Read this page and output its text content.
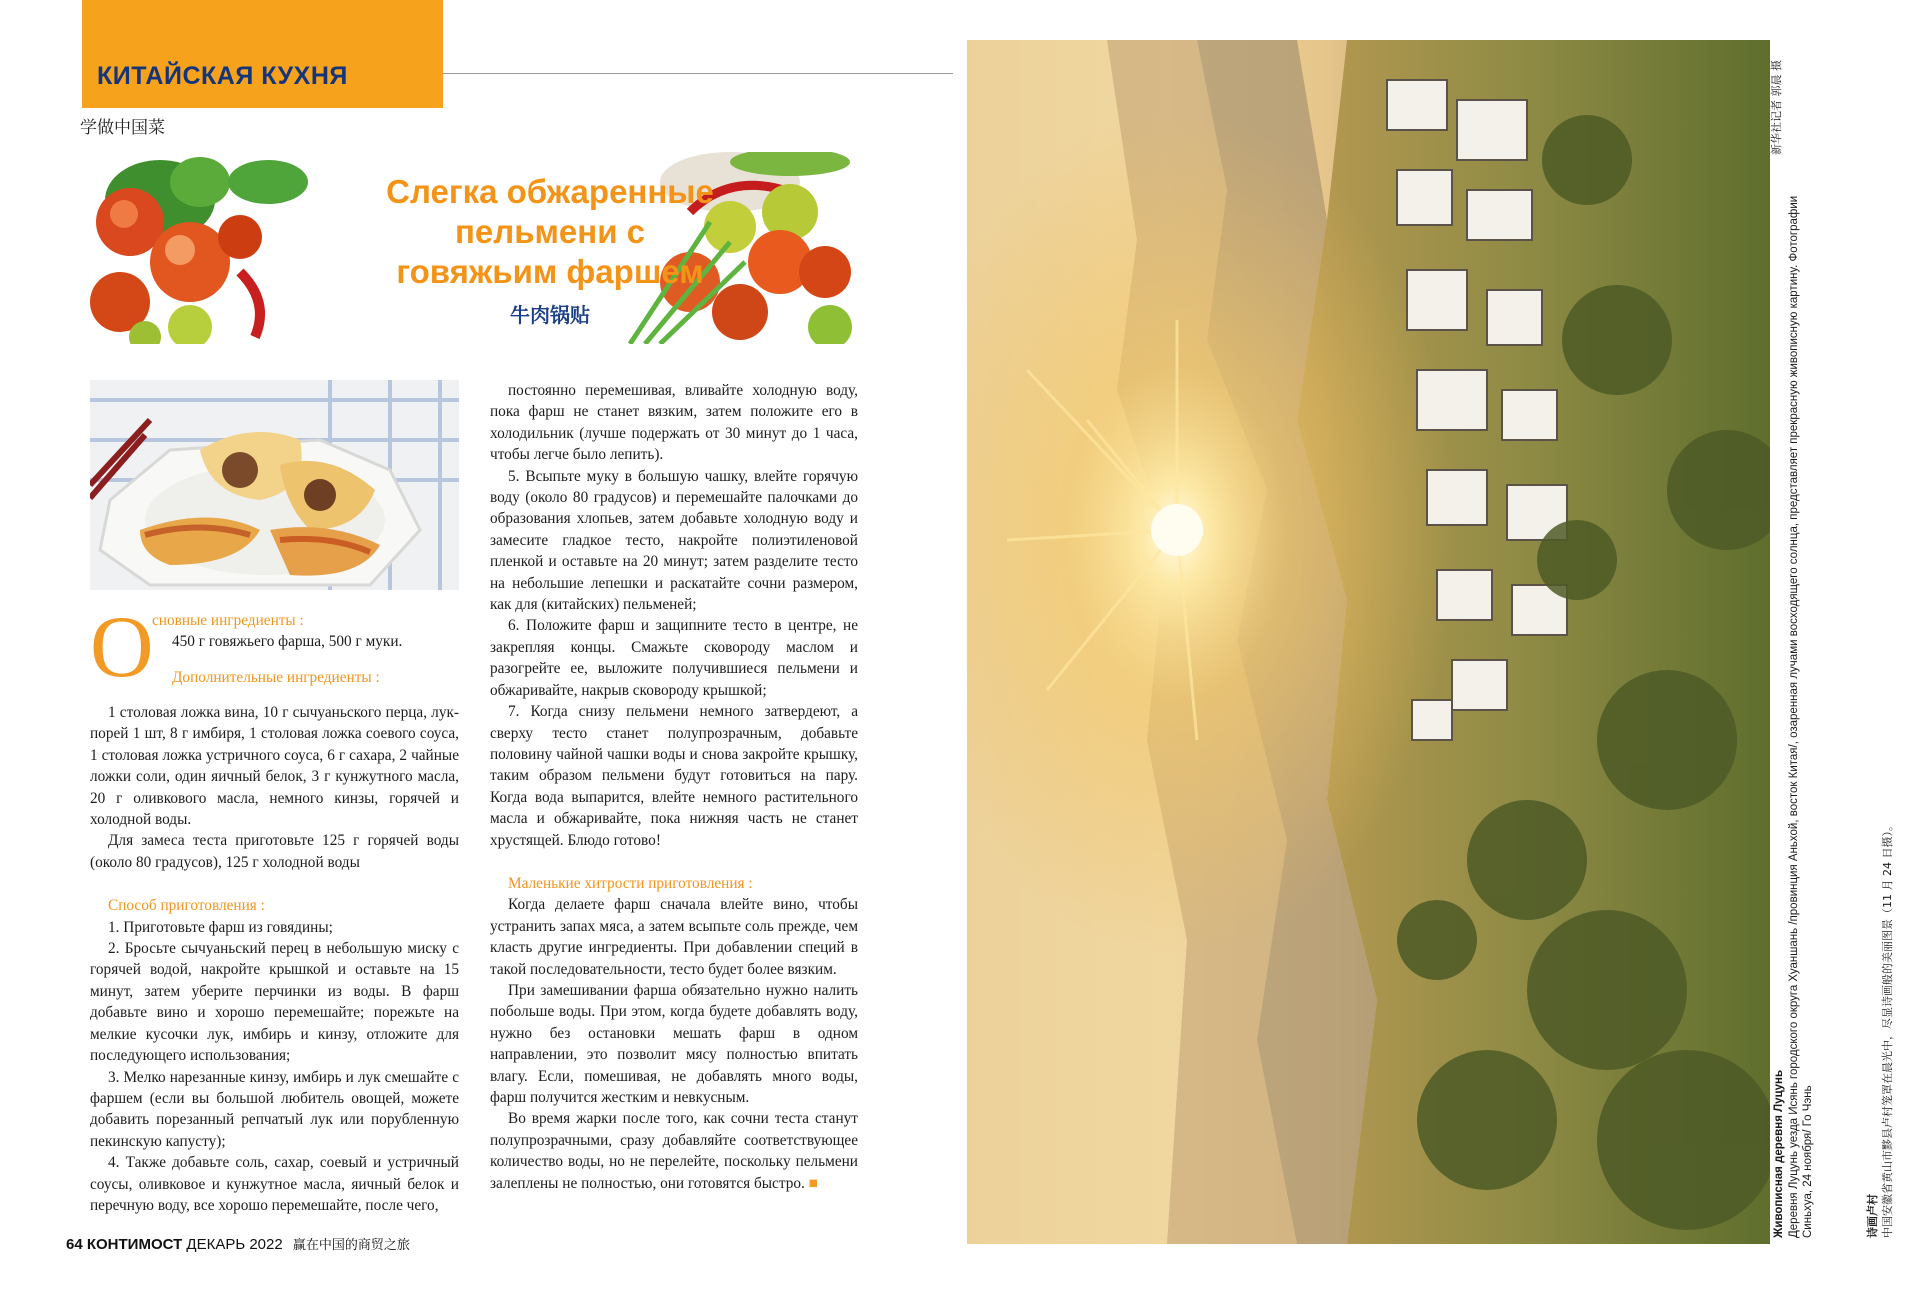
КИТАЙСКАЯ КУХНЯ
学做中国菜
Слегка обжаренные
пельмени с
говяжьим фаршем
牛肉锅贴
О
сновные ингредиенты :
450 г говяжьего фарша, 500 г муки.
Дополнительные ингредиенты :

1 столовая ложка вина, 10 г сычуаньского перца, лук-порей 1 шт, 8 г имбиря, 1 столовая ложка соевого соуса, 1 столовая ложка устричного соуса, 6 г сахара, 2 чайные ложки соли, один яичный белок, 3 г кунжутного масла, 20 г оливкового масла, немного кинзы, горячей и холодной воды.

Для замеса теста приготовьте 125 г горячей воды (около 80 градусов), 125 г холодной воды

Способ приготовления :

1. Приготовьте фарш из говядины;

2. Бросьте сычуаньский перец в небольшую миску с горячей водой, накройте крышкой и оставьте на 15 минут, затем уберите перчинки из воды. В фарш добавьте вино и хорошо перемешайте; порежьте на мелкие кусочки лук, имбирь и кинзу, отложите для последующего использования;

3. Мелко нарезанные кинзу, имбирь и лук смешайте с фаршем (если вы большой любитель овощей, можете добавить порезанный репчатый лук или порубленную пекинскую капусту);

4. Также добавьте соль, сахар, соевый и устричный соусы, оливковое и кунжутное масла, яичный белок и перечную воду, все хорошо перемешайте, после чего,

постоянно перемешивая, вливайте холодную воду, пока фарш не станет вязким, затем положите его в холодильник (лучше подержать от 30 минут до 1 часа, чтобы легче было лепить).

5. Всыпьте муку в большую чашку, влейте горячую воду (около 80 градусов) и перемешайте палочками до образования хлопьев, затем добавьте холодную воду и замесите гладкое тесто, накройте полиэтиленовой пленкой и оставьте на 20 минут; затем разделите тесто на небольшие лепешки и раскатайте сочни размером, как для (китайских) пельменей;

6. Положите фарш и защипните тесто в центре, не закрепляя концы. Смажьте сковороду маслом и разогрейте ее, выложите получившиеся пельмени и обжаривайте, накрыв сковороду крышкой;

7. Когда снизу пельмени немного затвердеют, а сверху тесто станет полупрозрачным, добавьте половину чайной чашки воды и снова закройте крышку, таким образом пельмени будут готовиться на пару. Когда вода выпарится, влейте немного растительного масла и обжаривайте, пока нижняя часть не станет хрустящей. Блюдо готово!

Маленькие хитрости приготовления :

Когда делаете фарш сначала влейте вино, чтобы устранить запах мяса, а затем всыпьте соль прежде, чем класть другие ингредиенты. При добавлении специй в такой последовательности, тесто будет более вязким.

При замешивании фарша обязательно нужно налить побольше воды. При этом, когда будете добавлять воду, нужно без остановки мешать фарш в одном направлении, это позволит мясу полностью впитать влагу. Если, помешивая, не добавлять много воды, фарш получится жестким и невкусным.

Во время жарки после того, как сочни теста станут полупрозрачными, сразу добавляйте соответствующее количество воды, но не перелейте, поскольку пельмени залеплены не полностью, они готовятся быстро. ■

64 КОНТИМОСТ ДЕКАРЬ 2022 赢在中国的商贸之旅
Живописная деревня Луцунь Деревня Луцунь уезда Исянь городского округа Хуаншань /провинция Аньхой, восток Китая/, озаренная лучами восходящего солнца, представляет прекрасную живописную картину. Фотографии Синьхуа, 24 ноября/ Го Чэнь	诗画卢村 中国安徽省黄山市黟县卢村笼罩在晨光中，尽显诗画般的美丽图景（11 月 24 日摄）。
新华社记者 郭晨 摄
